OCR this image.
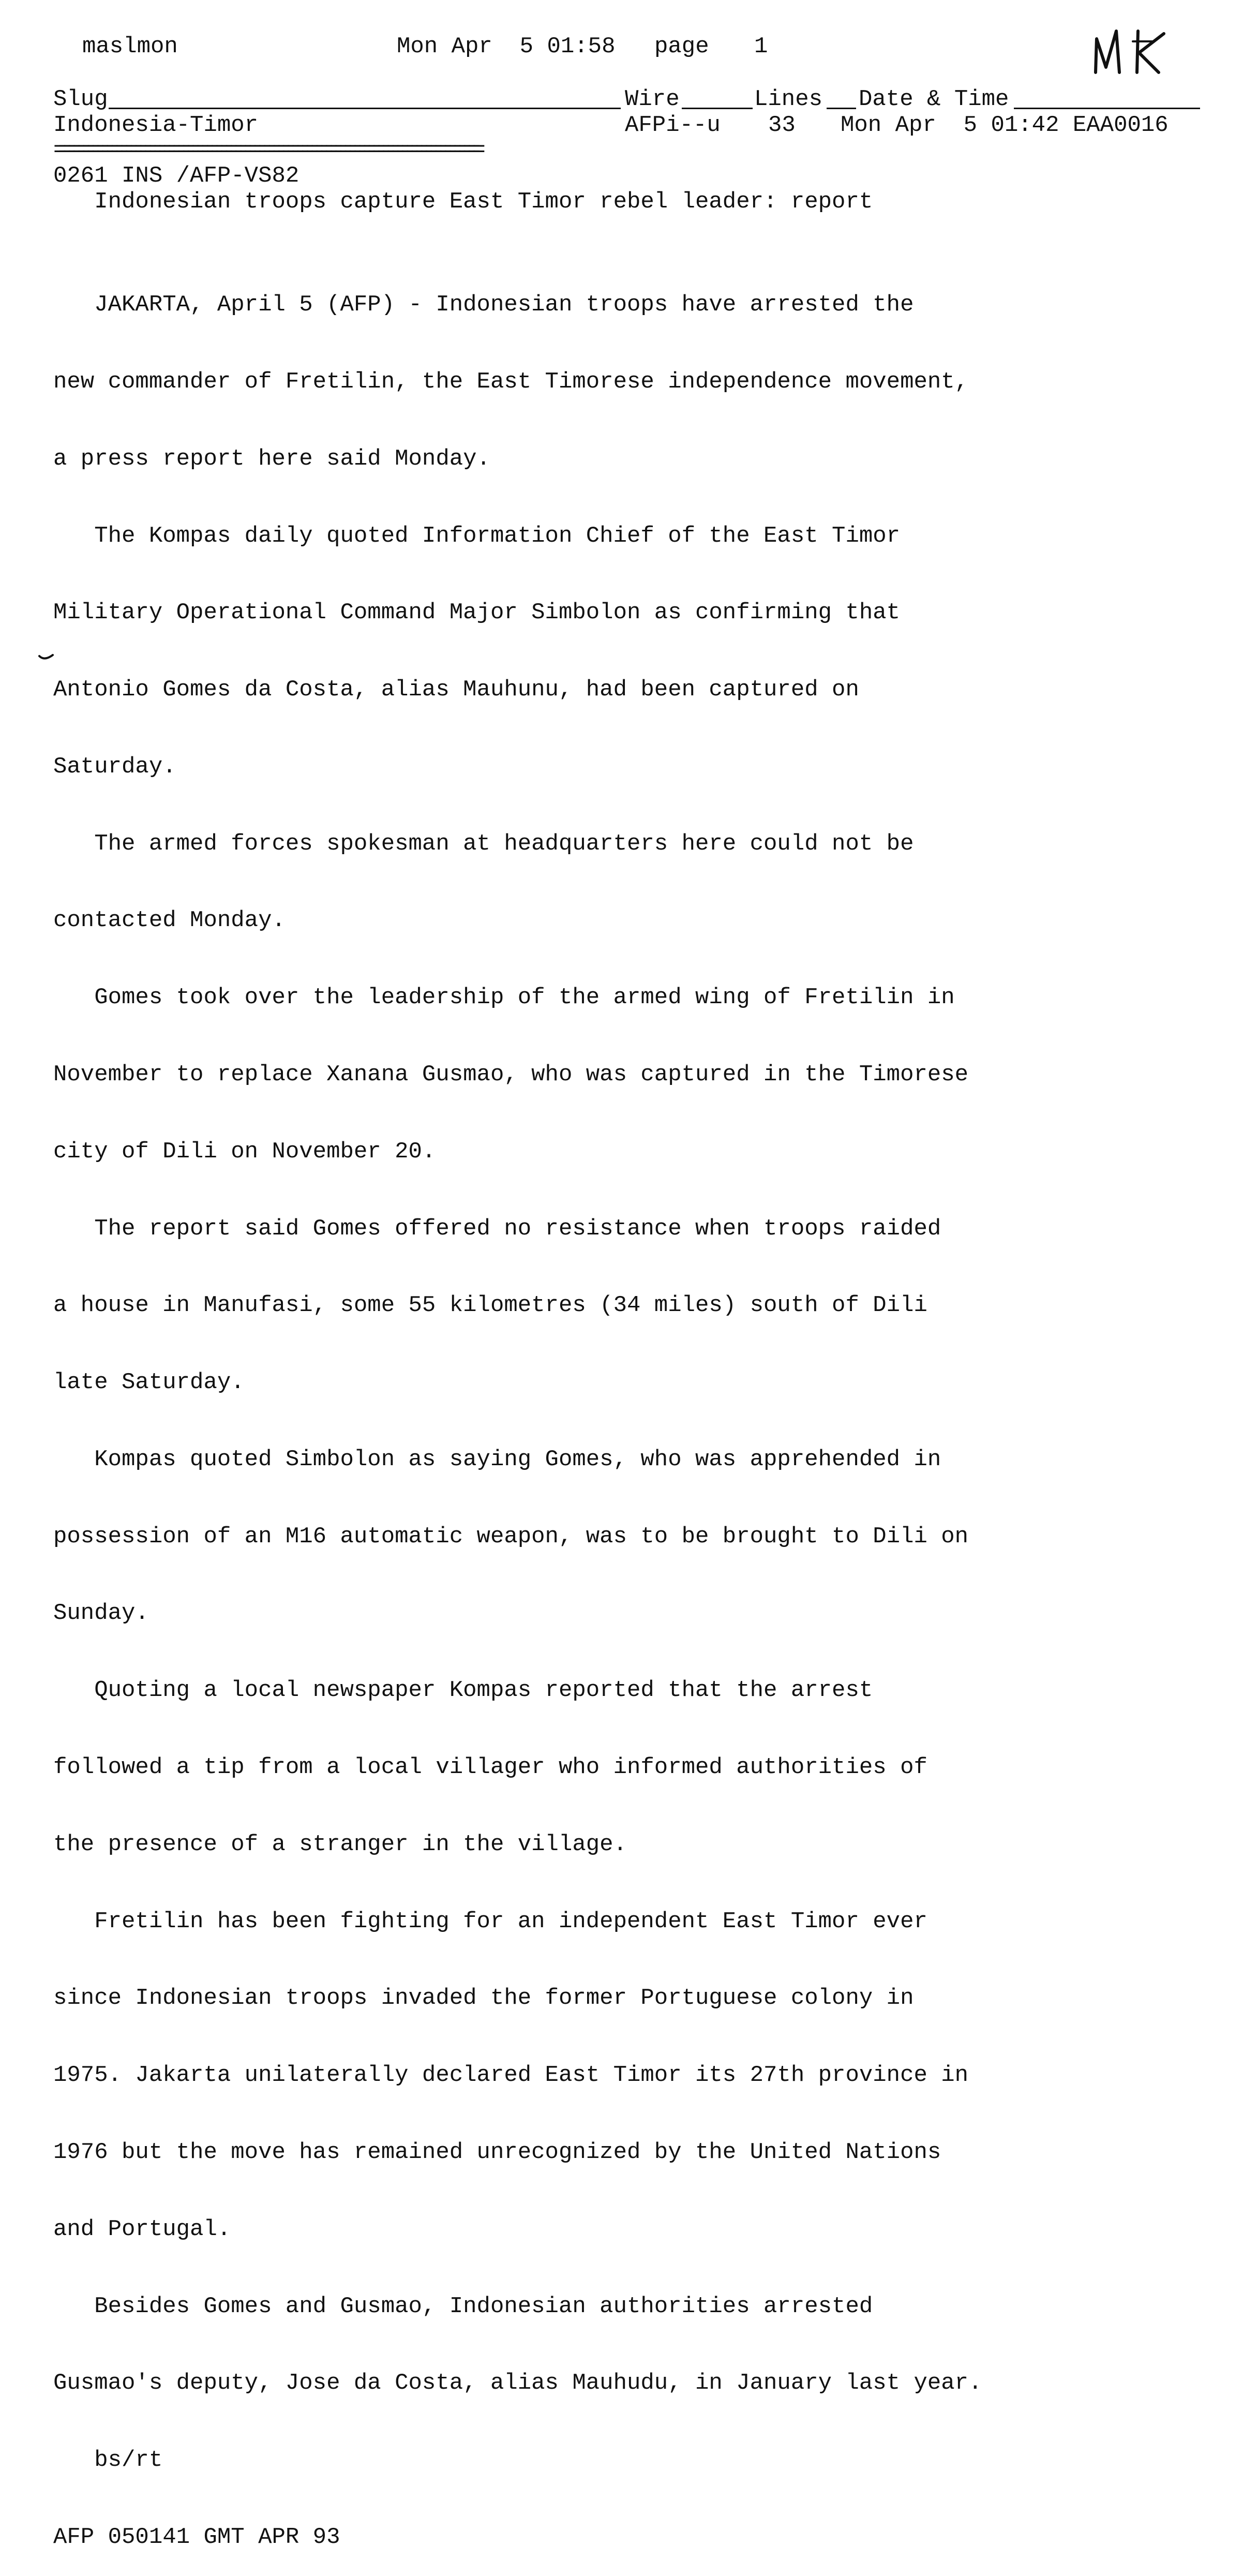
maslmon	Mon Apr  5 01:58 page 1
Slug	Wire	Lines Date & Time
Indonesia-Timor	AFPi--u 33 Mon Apr  5 01:42 EAA0016
=========================================================================================
0261 INS /AFP-VS82
Indonesian troops capture East Timor rebel leader: report

JAKARTA, April 5 (AFP) - Indonesian troops have arrested the

new commander of Fretilin, the East Timorese independence movement,

a press report here said Monday.

The Kompas daily quoted Information Chief of the East Timor

Military Operational Command Major Simbolon as confirming that

Antonio Gomes da Costa, alias Mauhunu, had been captured on

Saturday.

The armed forces spokesman at headquarters here could not be

contacted Monday.

Gomes took over the leadership of the armed wing of Fretilin in

November to replace Xanana Gusmao, who was captured in the Timorese

city of Dili on November 20.

The report said Gomes offered no resistance when troops raided

a house in Manufasi, some 55 kilometres (34 miles) south of Dili

late Saturday.

Kompas quoted Simbolon as saying Gomes, who was apprehended in

possession of an M16 automatic weapon, was to be brought to Dili on

Sunday.

Quoting a local newspaper Kompas reported that the arrest

followed a tip from a local villager who informed authorities of

the presence of a stranger in the village.

Fretilin has been fighting for an independent East Timor ever

since Indonesian troops invaded the former Portuguese colony in

1975. Jakarta unilaterally declared East Timor its 27th province in

1976 but the move has remained unrecognized by the United Nations

and Portugal.

Besides Gomes and Gusmao, Indonesian authorities arrested

Gusmao's deputy, Jose da Costa, alias Mauhudu, in January last year.

bs/rt

AFP 050141 GMT APR 93
